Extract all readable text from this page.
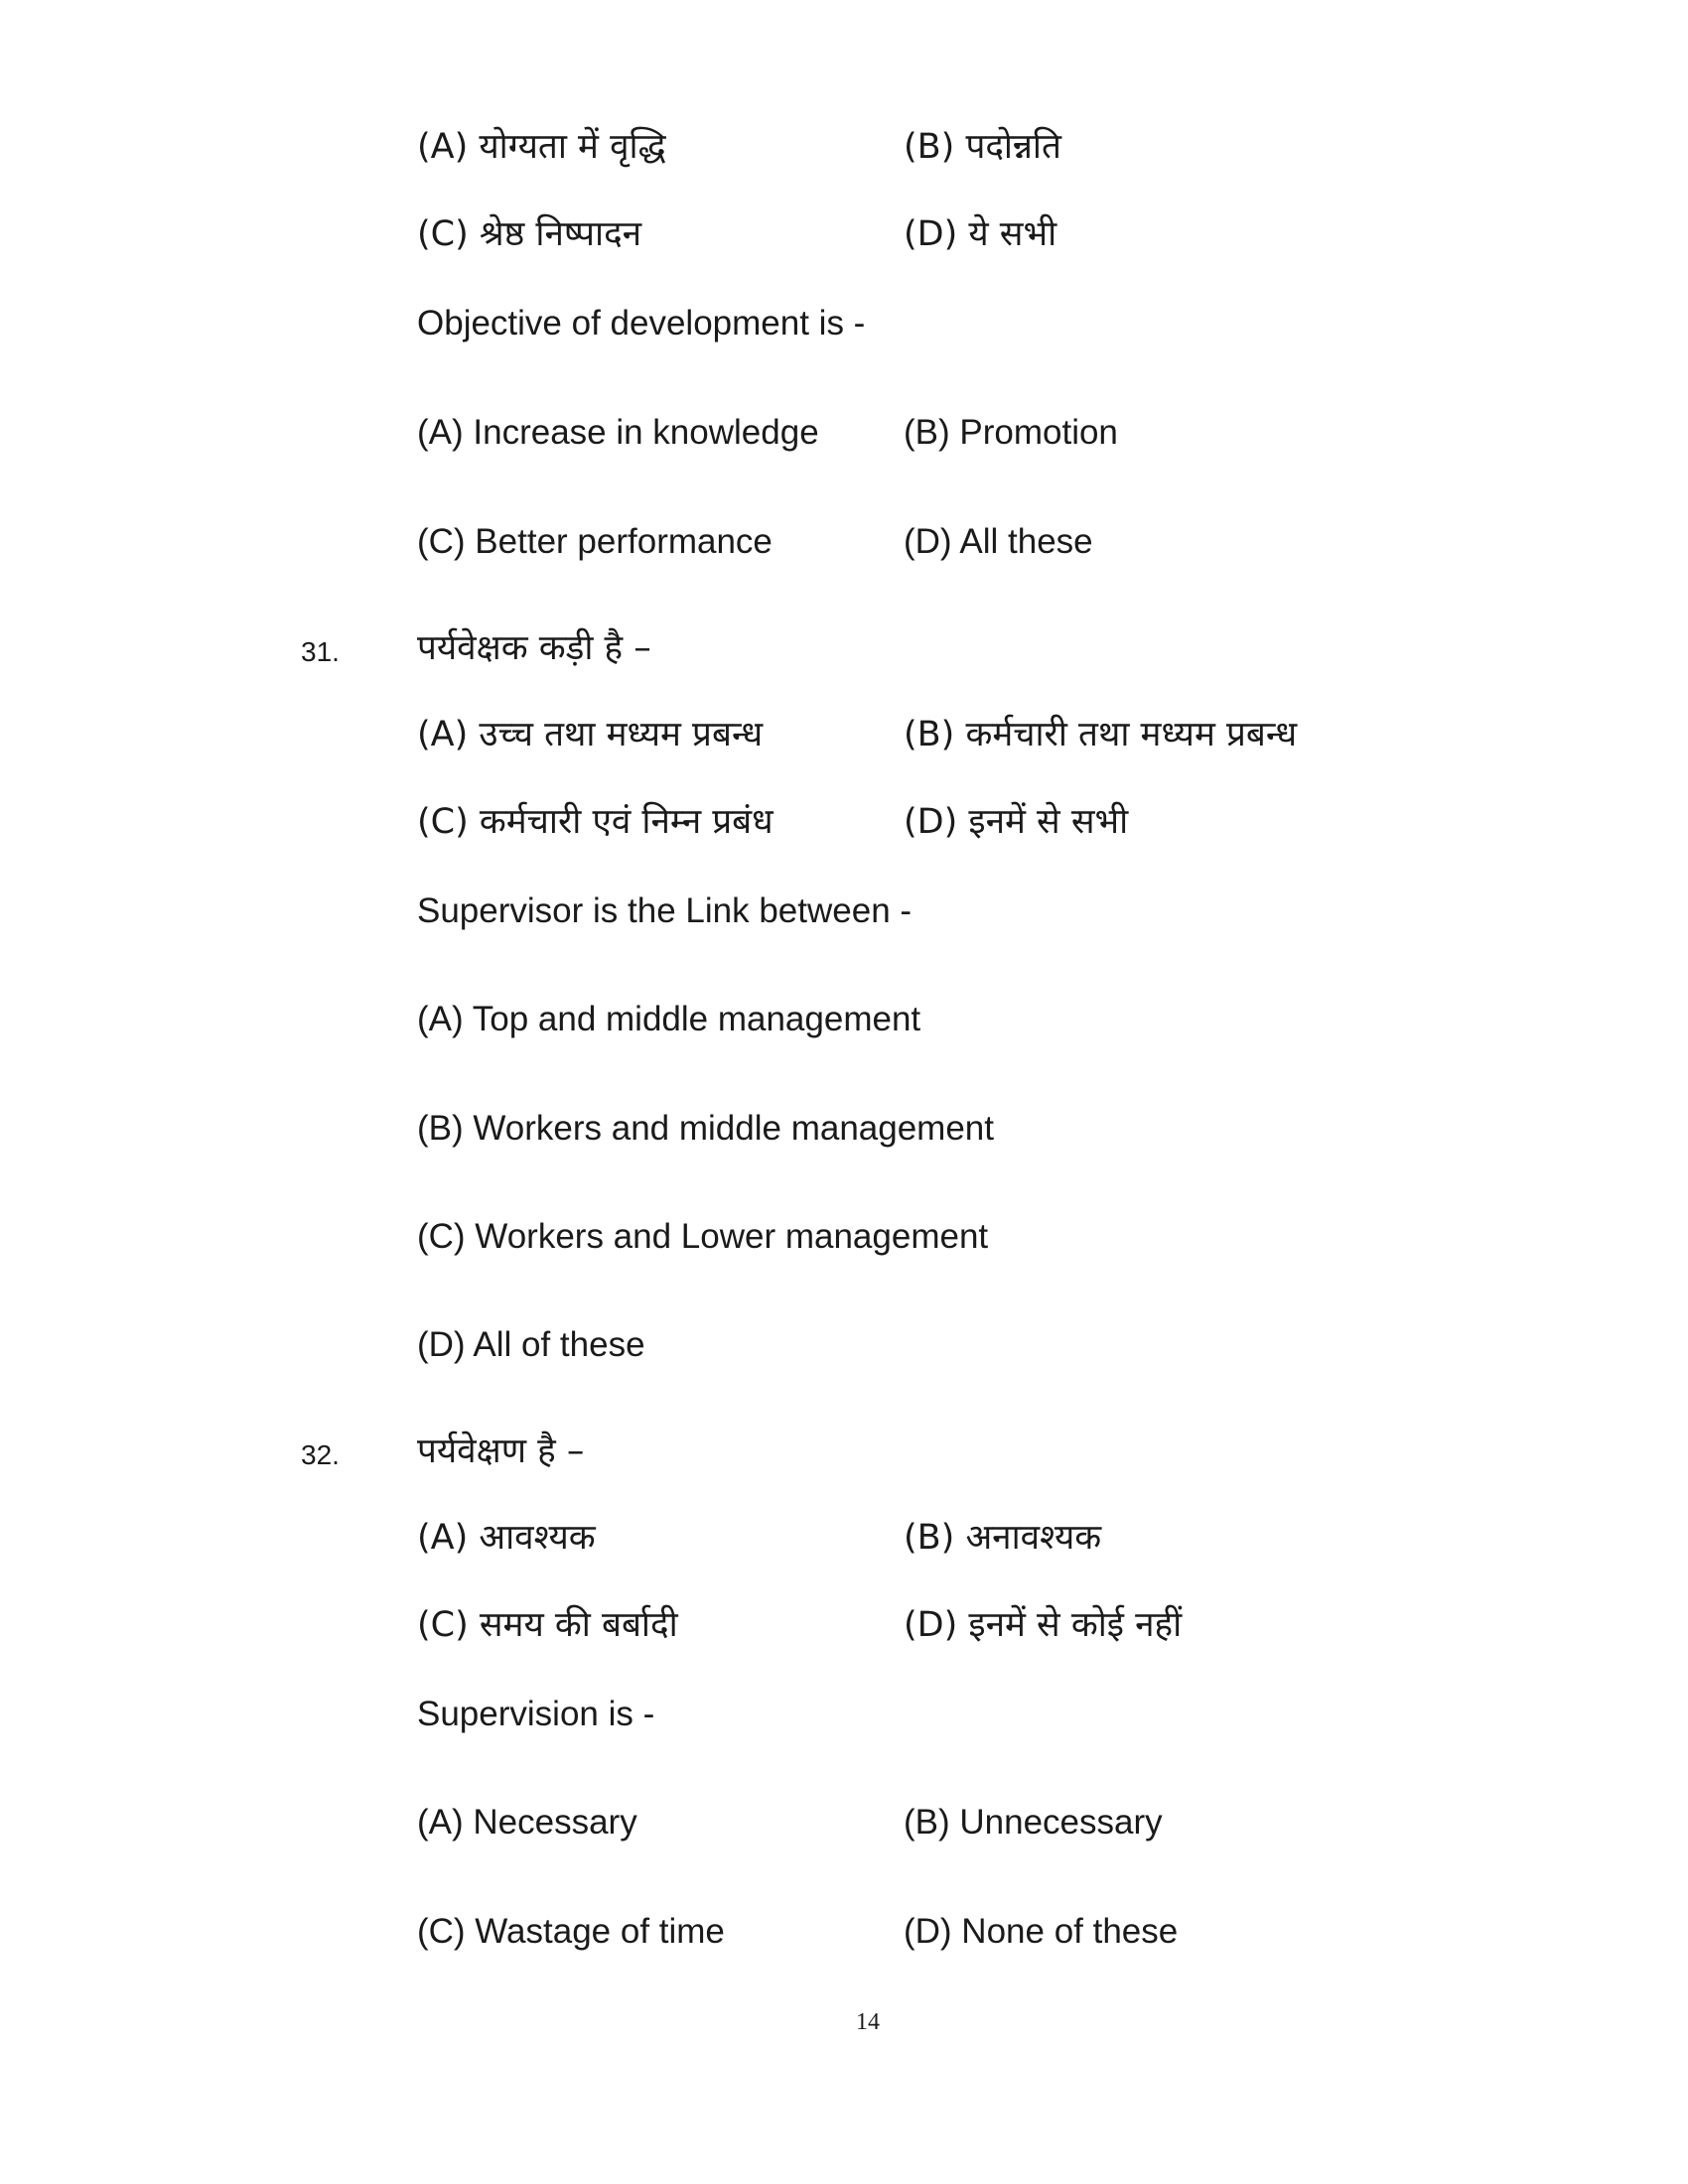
(A) योग्यता में वृद्धि	(B) पदोन्नति
(C) श्रेष्ठ निष्पादन	(D) ये सभी
Objective of development is -
(A) Increase in knowledge (B) Promotion
(C) Better performance	(D) All these
31. पर्यवेक्षक कड़ी है –
(A) उच्च तथा मध्यम प्रबन्ध	(B) कर्मचारी तथा मध्यम प्रबन्ध
(C) कर्मचारी एवं निम्न प्रबंध	(D) इनमें से सभी
Supervisor is the Link between -
(A) Top and middle management
(B) Workers and middle management
(C) Workers and Lower management
(D) All of these
32. पर्यवेक्षण है –
(A) आवश्यक	(B) अनावश्यक
(C) समय की बर्बादी	(D) इनमें से कोई नहीं
Supervision is -
(A) Necessary	(B) Unnecessary
(C) Wastage of time	(D) None of these
14
